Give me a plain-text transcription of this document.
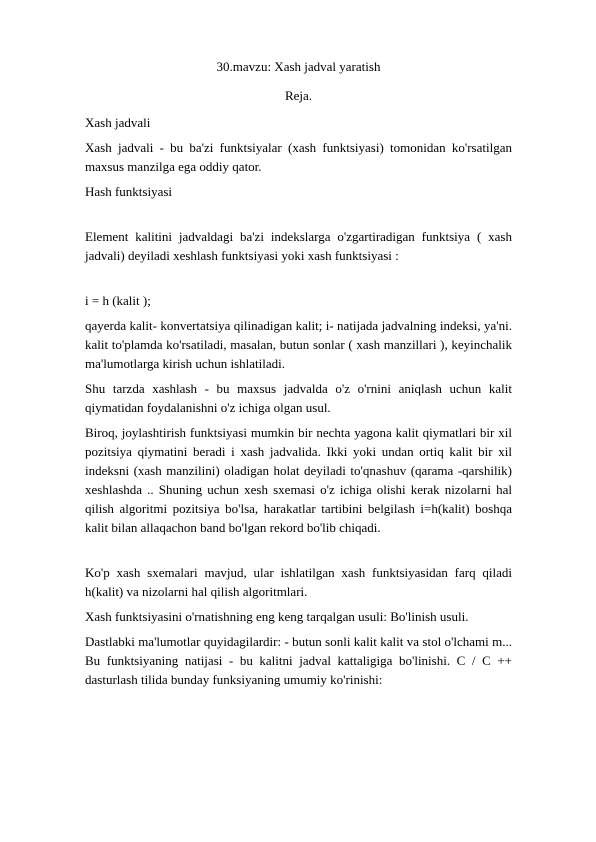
30.mavzu: Xash jadval yaratish
Reja.

Xash jadvali

Xash jadvali - bu ba'zi funktsiyalar (xash funktsiyasi) tomonidan ko'rsatilgan maxsus manzilga ega oddiy qator.

Hash funktsiyasi

Element kalitini jadvaldagi ba'zi indekslarga o'zgartiradigan funktsiya ( xash jadvali) deyiladi xeshlash funktsiyasi yoki xash funktsiyasi :

i = h (kalit );

qayerda kalit- konvertatsiya qilinadigan kalit; i- natijada jadvalning indeksi, ya'ni. kalit to'plamda ko'rsatiladi, masalan, butun sonlar ( xash manzillari ), keyinchalik ma'lumotlarga kirish uchun ishlatiladi.

Shu tarzda xashlash - bu maxsus jadvalda o'z o'rnini aniqlash uchun kalit qiymatidan foydalanishni o'z ichiga olgan usul.

Biroq, joylashtirish funktsiyasi mumkin bir nechta yagona kalit qiymatlari bir xil pozitsiya qiymatini beradi i xash jadvalida. Ikki yoki undan ortiq kalit bir xil indeksni (xash manzilini) oladigan holat deyiladi to'qnashuv (qarama -qarshilik) xeshlashda .. Shuning uchun xesh sxemasi o'z ichiga olishi kerak nizolarni hal qilish algoritmi pozitsiya bo'lsa, harakatlar tartibini belgilash i=h(kalit) boshqa kalit bilan allaqachon band bo'lgan rekord bo'lib chiqadi.

Ko'p xash sxemalari mavjud, ular ishlatilgan xash funktsiyasidan farq qiladi h(kalit) va nizolarni hal qilish algoritmlari.

Xash funktsiyasini o'rnatishning eng keng tarqalgan usuli: Bo'linish usuli.

Dastlabki ma'lumotlar quyidagilardir: - butun sonli kalit kalit va stol o'lchami m... Bu funktsiyaning natijasi - bu kalitni jadval kattaligiga bo'linishi. C / C ++ dasturlash tilida bunday funksiyaning umumiy ko'rinishi:
